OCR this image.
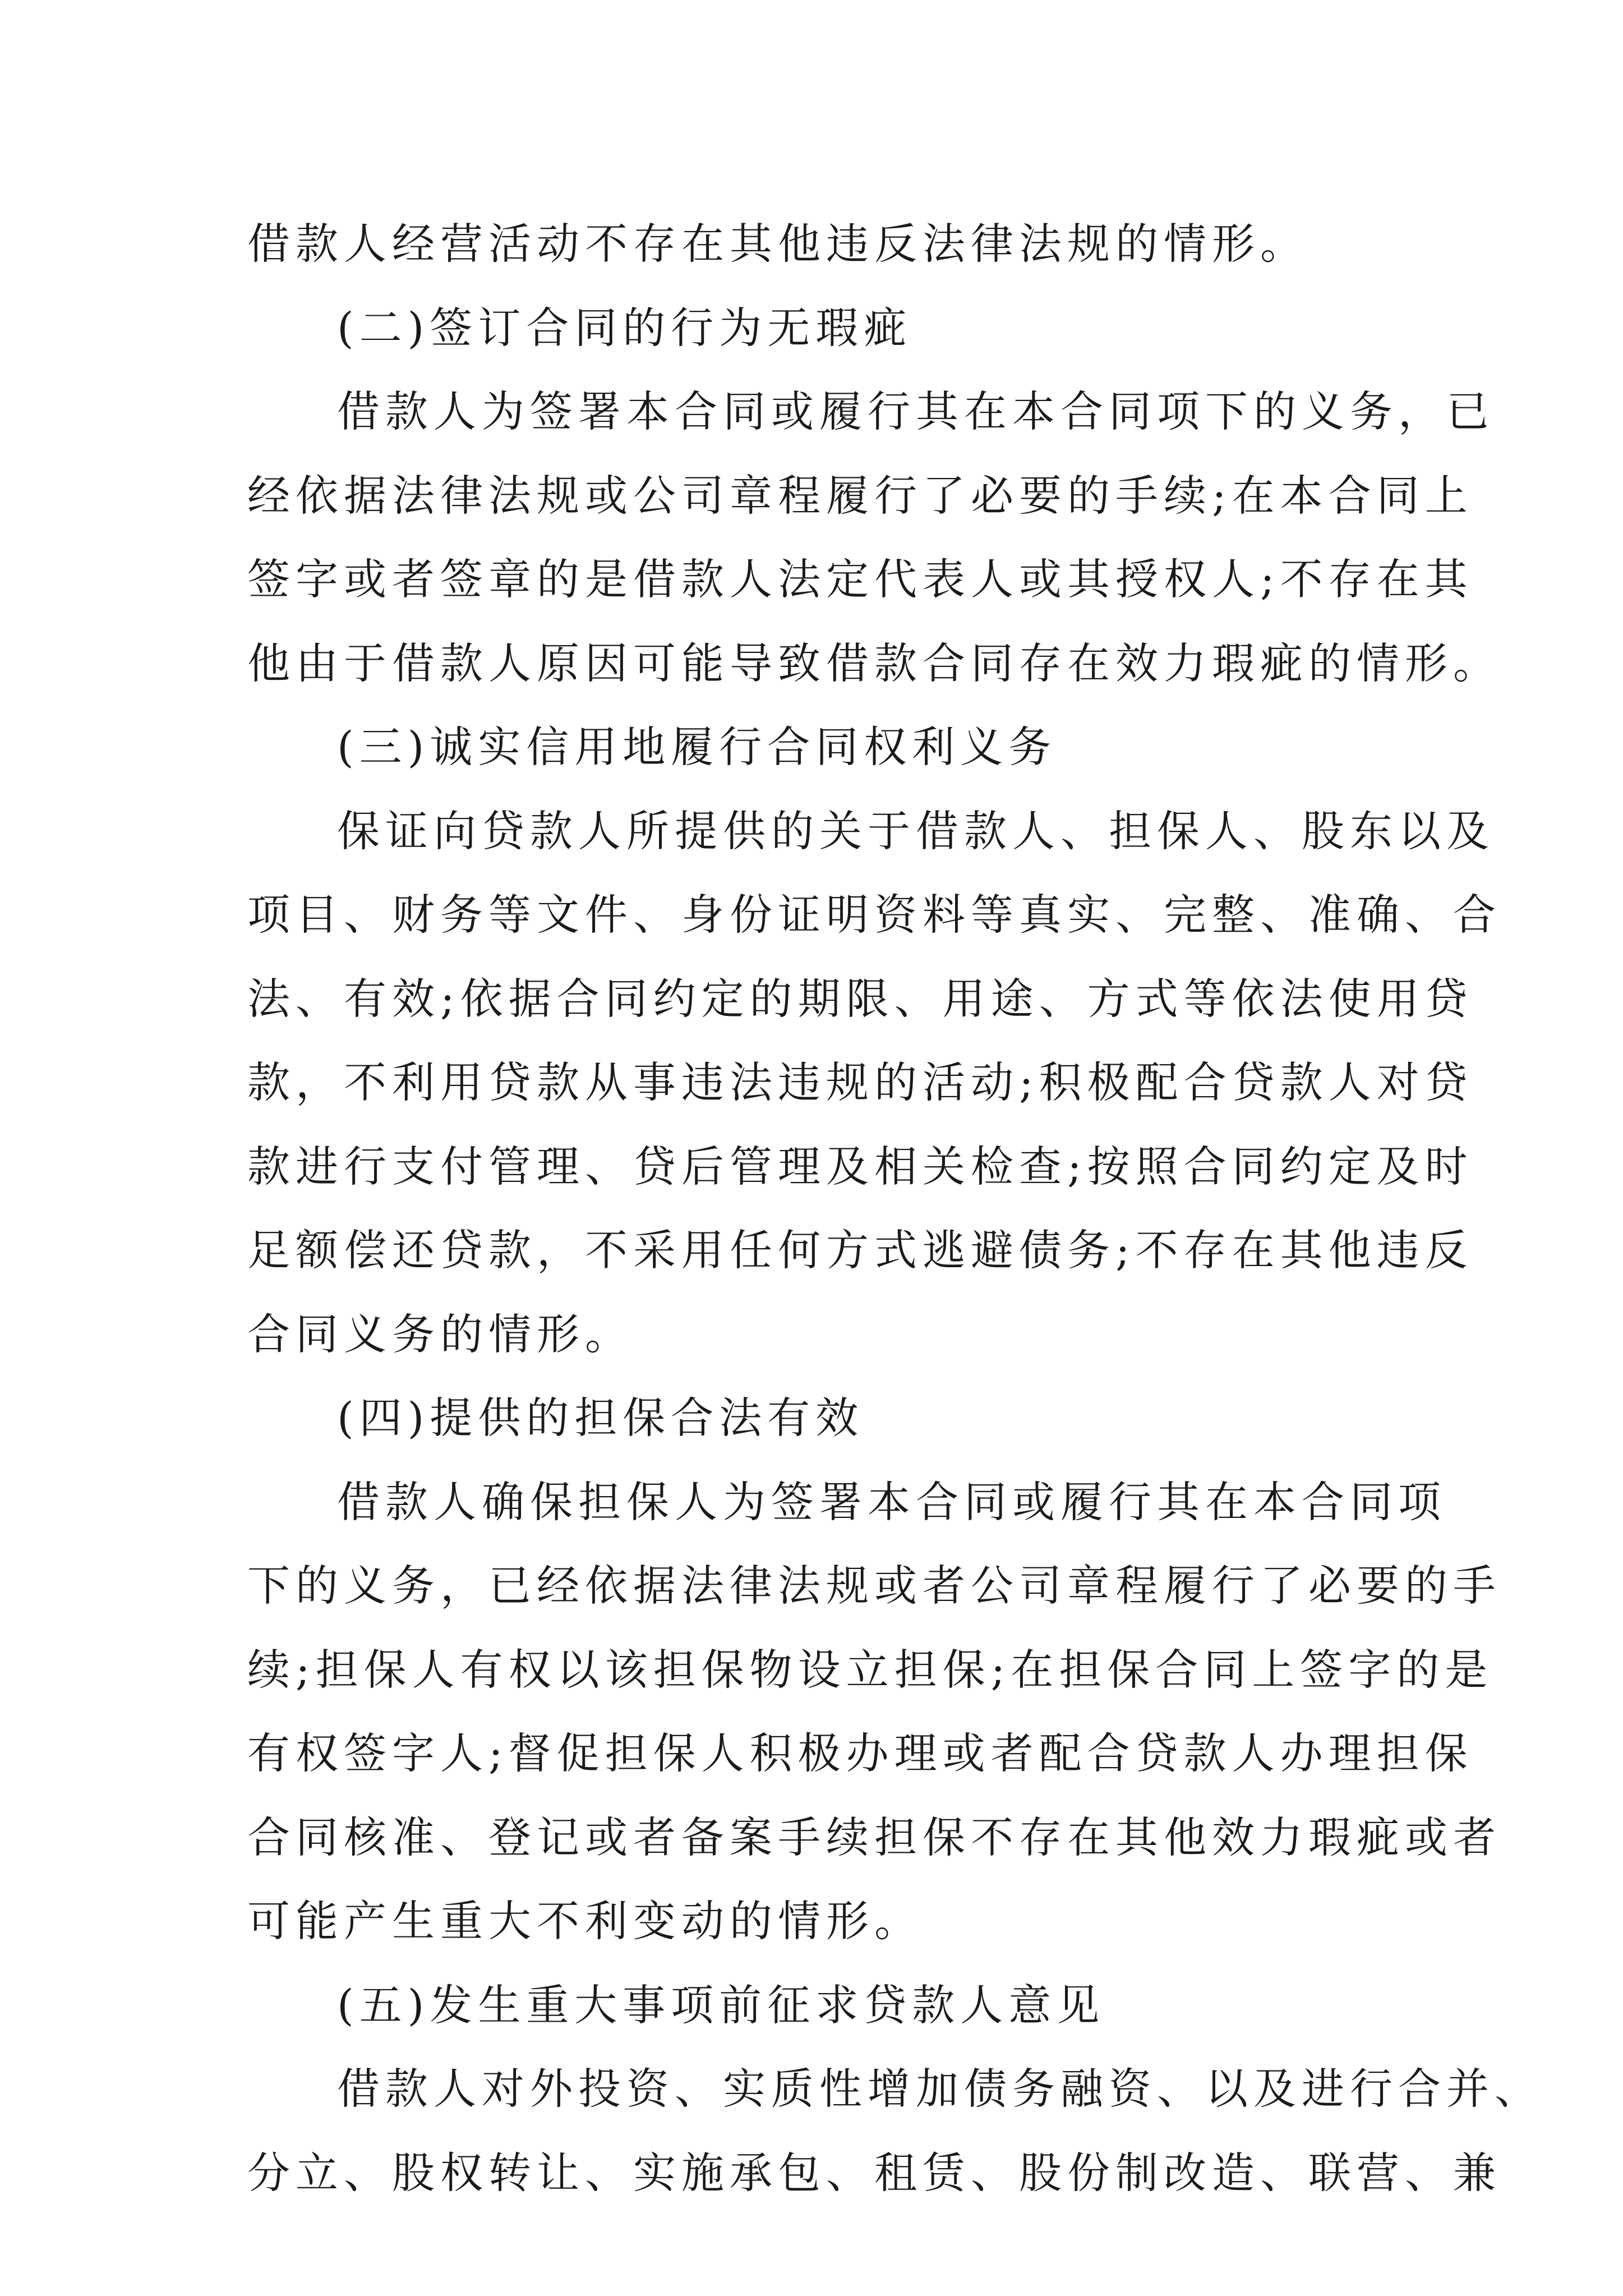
借款人经营活动不存在其他违反法律法规的情形。
(二)签订合同的行为无瑕疵
借款人为签署本合同或履行其在本合同项下的义务，已
经依据法律法规或公司章程履行了必要的手续;在本合同上
签字或者签章的是借款人法定代表人或其授权人;不存在其
他由于借款人原因可能导致借款合同存在效力瑕疵的情形。
(三)诚实信用地履行合同权利义务
保证向贷款人所提供的关于借款人、担保人、股东以及
项目、财务等文件、身份证明资料等真实、完整、准确、合
法、有效;依据合同约定的期限、用途、方式等依法使用贷
款，不利用贷款从事违法违规的活动;积极配合贷款人对贷
款进行支付管理、贷后管理及相关检查;按照合同约定及时
足额偿还贷款，不采用任何方式逃避债务;不存在其他违反
合同义务的情形。
(四)提供的担保合法有效
借款人确保担保人为签署本合同或履行其在本合同项
下的义务，已经依据法律法规或者公司章程履行了必要的手
续;担保人有权以该担保物设立担保;在担保合同上签字的是
有权签字人;督促担保人积极办理或者配合贷款人办理担保
合同核准、登记或者备案手续担保不存在其他效力瑕疵或者
可能产生重大不利变动的情形。
(五)发生重大事项前征求贷款人意见
借款人对外投资、实质性增加债务融资、以及进行合并、
分立、股权转让、实施承包、租赁、股份制改造、联营、兼
